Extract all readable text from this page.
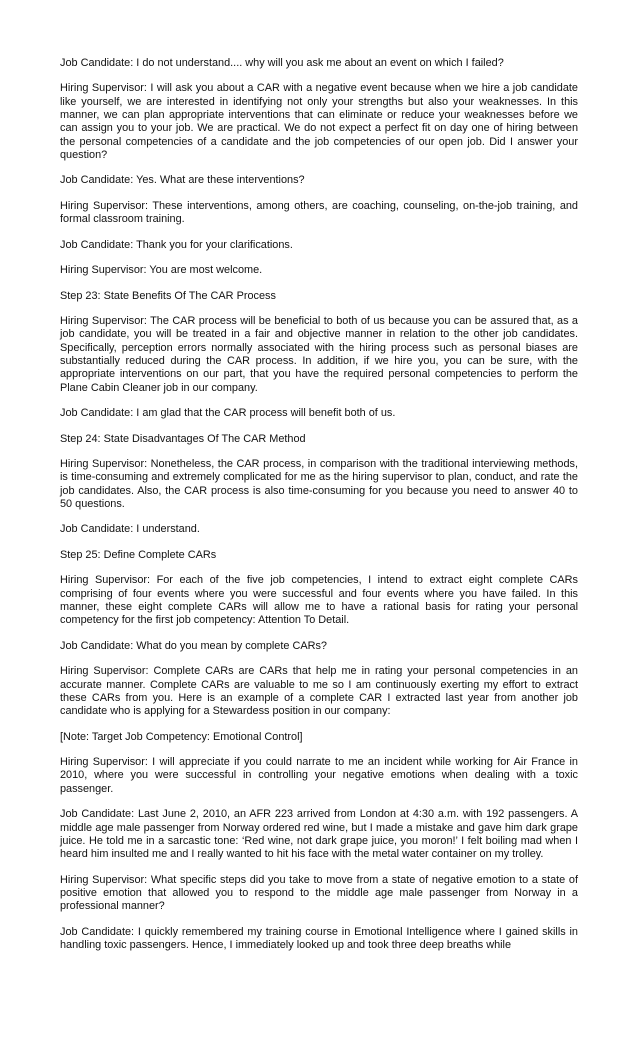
Job Candidate: I do not understand.... why will you ask me about an event on which I failed?

Hiring Supervisor: I will ask you about a CAR with a negative event because when we hire a job candidate like yourself, we are interested in identifying not only your strengths but also your weaknesses. In this manner, we can plan appropriate interventions that can eliminate or reduce your weaknesses before we can assign you to your job. We are practical. We do not expect a perfect fit on day one of hiring between the personal competencies of a candidate and the job competencies of our open job. Did I answer your question?

Job Candidate: Yes. What are these interventions?

Hiring Supervisor: These interventions, among others, are coaching, counseling, on-the-job training, and formal classroom training.

Job Candidate: Thank you for your clarifications.

Hiring Supervisor: You are most welcome.

Step 23: State Benefits Of The CAR Process

Hiring Supervisor: The CAR process will be beneficial to both of us because you can be assured that, as a job candidate, you will be treated in a fair and objective manner in relation to the other job candidates. Specifically, perception errors normally associated with the hiring process such as personal biases are substantially reduced during the CAR process. In addition, if we hire you, you can be sure, with the appropriate interventions on our part, that you have the required personal competencies to perform the Plane Cabin Cleaner job in our company.

Job Candidate: I am glad that the CAR process will benefit both of us.

Step 24: State Disadvantages Of The CAR Method

Hiring Supervisor: Nonetheless, the CAR process, in comparison with the traditional interviewing methods, is time-consuming and extremely complicated for me as the hiring supervisor to plan, conduct, and rate the job candidates. Also, the CAR process is also time-consuming for you because you need to answer 40 to 50 questions.

Job Candidate: I understand.

Step 25: Define Complete CARs

Hiring Supervisor: For each of the five job competencies, I intend to extract eight complete CARs comprising of four events where you were successful and four events where you have failed. In this manner, these eight complete CARs will allow me to have a rational basis for rating your personal competency for the first job competency: Attention To Detail.

Job Candidate: What do you mean by complete CARs?

Hiring Supervisor: Complete CARs are CARs that help me in rating your personal competencies in an accurate manner. Complete CARs are valuable to me so I am continuously exerting my effort to extract these CARs from you. Here is an example of a complete CAR I extracted last year from another job candidate who is applying for a Stewardess position in our company:

[Note: Target Job Competency: Emotional Control]

Hiring Supervisor: I will appreciate if you could narrate to me an incident while working for Air France in 2010, where you were successful in controlling your negative emotions when dealing with a toxic passenger.

Job Candidate: Last June 2, 2010, an AFR 223 arrived from London at 4:30 a.m. with 192 passengers. A middle age male passenger from Norway ordered red wine, but I made a mistake and gave him dark grape juice. He told me in a sarcastic tone: ‘Red wine, not dark grape juice, you moron!’ I felt boiling mad when I heard him insulted me and I really wanted to hit his face with the metal water container on my trolley.

Hiring Supervisor: What specific steps did you take to move from a state of negative emotion to a state of positive emotion that allowed you to respond to the middle age male passenger from Norway in a professional manner?

Job Candidate: I quickly remembered my training course in Emotional Intelligence where I gained skills in handling toxic passengers. Hence, I immediately looked up and took three deep breaths while
